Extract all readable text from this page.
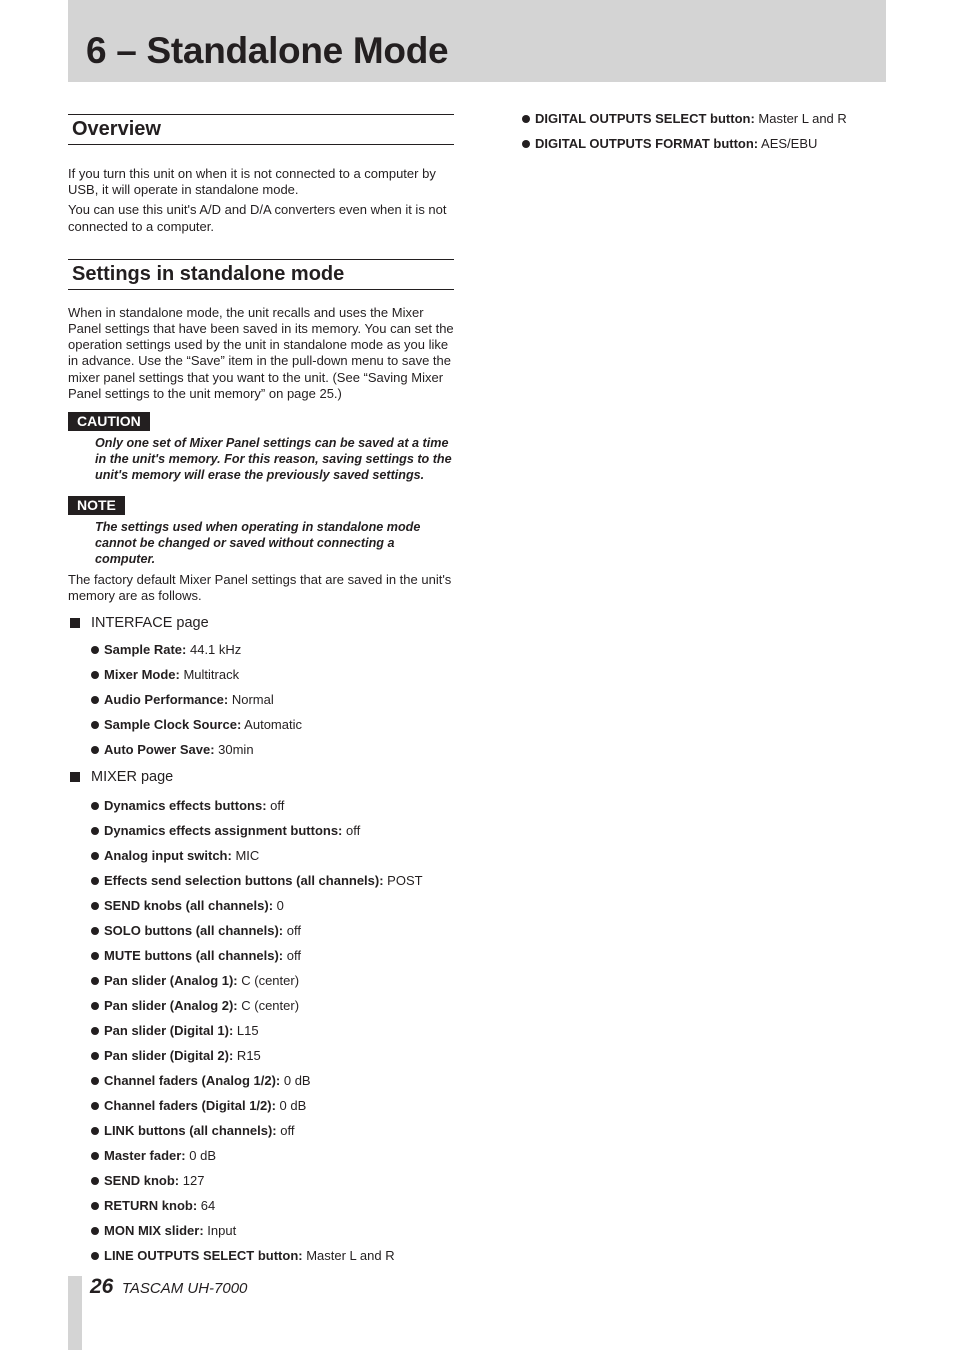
6 – Standalone Mode
Overview

If you turn this unit on when it is not connected to a computer by USB, it will operate in standalone mode.

You can use this unit's A/D and D/A converters even when it is not connected to a computer.

Settings in standalone mode

When in standalone mode, the unit recalls and uses the Mixer Panel settings that have been saved in its memory. You can set the operation settings used by the unit in standalone mode as you like in advance. Use the “Save” item in the pull-down menu to save the mixer panel settings that you want to the unit. (See “Saving Mixer Panel settings to the unit memory” on page 25.)

CAUTION

Only one set of Mixer Panel settings can be saved at a time in the unit's memory. For this reason, saving settings to the unit's memory will erase the previously saved settings.

NOTE

The settings used when operating in standalone mode cannot be changed or saved without connecting a computer.

The factory default Mixer Panel settings that are saved in the unit's memory are as follows.

INTERFACE page
Sample Rate: 44.1 kHz
Mixer Mode: Multitrack
Audio Performance: Normal
Sample Clock Source: Automatic
Auto Power Save: 30min
MIXER page
Dynamics effects buttons: off
Dynamics effects assignment buttons: off
Analog input switch: MIC
Effects send selection buttons (all channels): POST
SEND knobs (all channels): 0
SOLO buttons (all channels): off
MUTE buttons (all channels): off
Pan slider (Analog 1): C (center)
Pan slider (Analog 2): C (center)
Pan slider (Digital 1): L15
Pan slider (Digital 2): R15
Channel faders (Analog 1/2): 0 dB
Channel faders (Digital 1/2): 0 dB
LINK buttons (all channels): off
Master fader: 0 dB
SEND knob: 127
RETURN knob: 64
MON MIX slider: Input
LINE OUTPUTS SELECT button: Master L and R
DIGITAL OUTPUTS SELECT button: Master L and R
DIGITAL OUTPUTS FORMAT button: AES/EBU
26 TASCAM UH-7000
